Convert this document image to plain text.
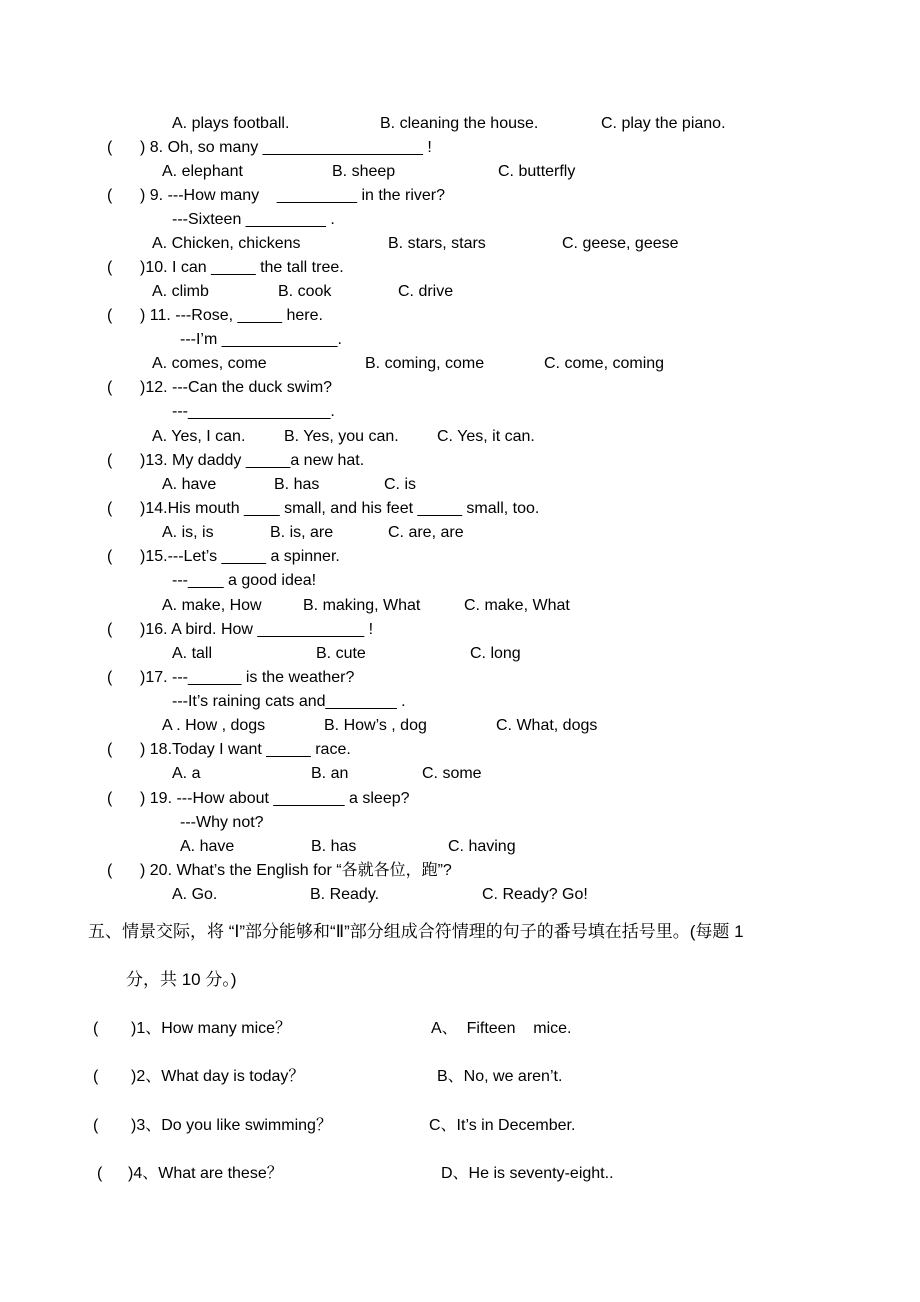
A. plays football.	B. cleaning the house.	C. play the piano.
( ) 8. Oh, so many __________________ !
A. elephant	B. sheep	C. butterfly
( ) 9. ---How many    _________ in the river?
---Sixteen _________ .
A. Chicken, chickens	B. stars, stars	C. geese, geese
( )10. I can _____ the tall tree.
A. climb	B. cook	C. drive
( ) 11. ---Rose, _____ here.
---I’m _____________.
A. comes, come	B. coming, come	C. come, coming
( )12. ---Can the duck swim?
---________________.
A. Yes, I can. B. Yes, you can. C. Yes, it can.
( )13. My daddy _____a new hat.
A. have	B. has	C. is
( )14.His mouth ____ small, and his feet _____ small, too.
A. is, is	B. is, are	C. are, are
( )15.---Let’s _____ a spinner.
---____ a good idea!
A. make, How	B. making, What	C. make, What
( )16. A bird. How ____________ !
A. tall	B. cute	C. long
( )17. ---______ is the weather?
---It’s raining cats and________ .
A . How , dogs	B. How’s , dog	C. What, dogs
( ) 18.Today I want _____ race.
A. a	B. an	C. some
( ) 19. ---How about ________ a sleep?
---Why not?
A. have	B. has	C. having
( ) 20. What’s the English for “各就各位，跑”?
A. Go.	B. Ready.	C. Ready? Go!
五、情景交际，将 “Ⅰ”部分能够和“Ⅱ”部分组成合符情理的句子的番号填在括号里。(每题 1
分，共 10 分。)
( )1、How many mice？	A、  Fifteen    mice.
( )2、What day is today？	B、No, we aren’t.
( )3、Do you like swimming？	C、It’s in December.
( )4、What are these？	D、He is seventy-eight..
